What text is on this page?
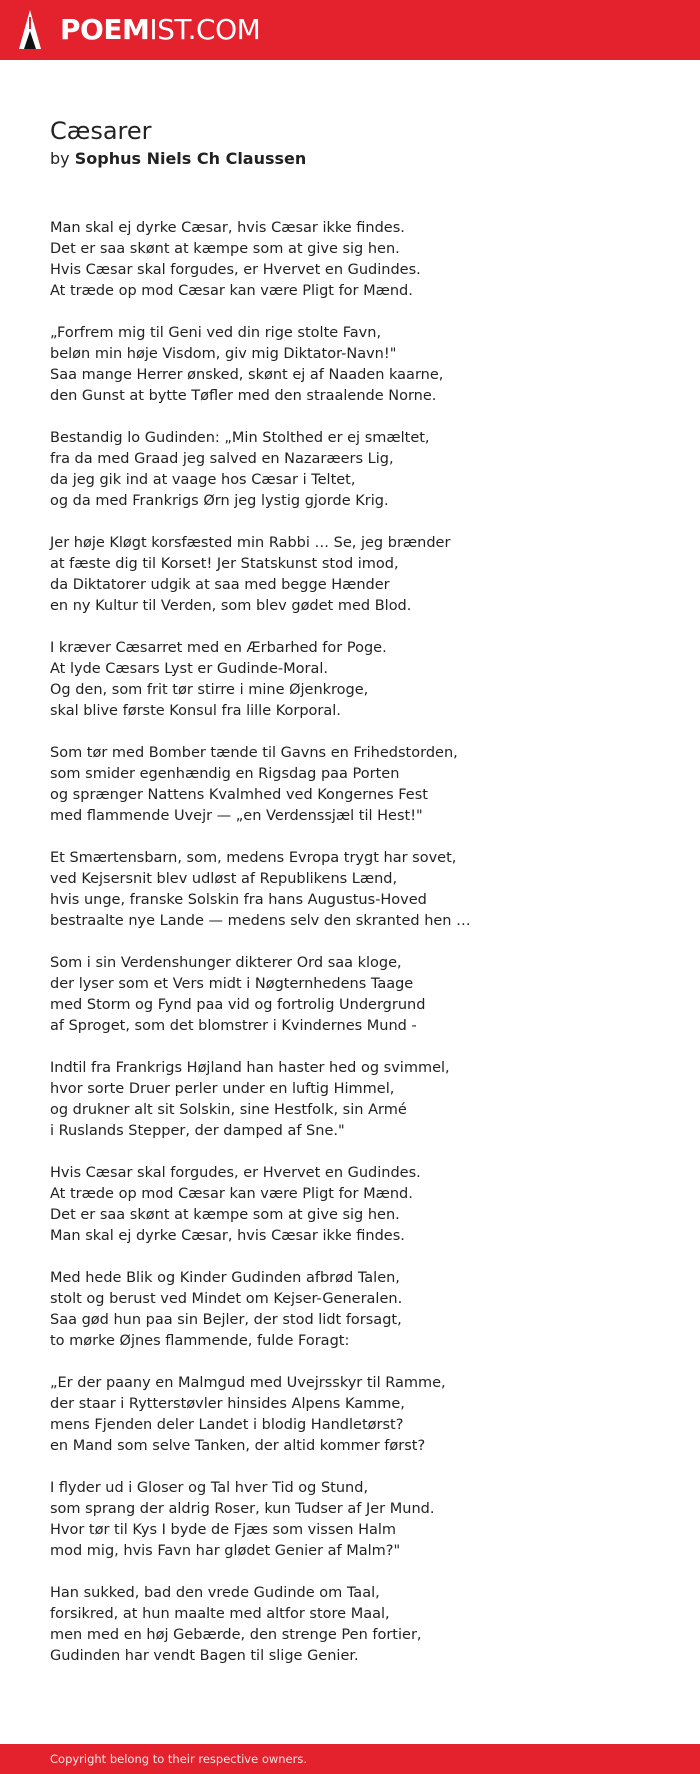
POEMIST.COM
Cæsarer
by Sophus Niels Ch Claussen
Man skal ej dyrke Cæsar, hvis Cæsar ikke findes.
Det er saa skønt at kæmpe som at give sig hen.
Hvis Cæsar skal forgudes, er Hvervet en Gudindes.
At træde op mod Cæsar kan være Pligt for Mænd.
„Forfrem mig til Geni ved din rige stolte Favn,
beløn min høje Visdom, giv mig Diktator-Navn!"
Saa mange Herrer ønsked, skønt ej af Naaden kaarne,
den Gunst at bytte Tøfler med den straalende Norne.
Bestandig lo Gudinden: „Min Stolthed er ej smæltet,
fra da med Graad jeg salved en Nazaræers Lig,
da jeg gik ind at vaage hos Cæsar i Teltet,
og da med Frankrigs Ørn jeg lystig gjorde Krig.
Jer høje Kløgt korsfæsted min Rabbi … Se, jeg brænder
at fæste dig til Korset! Jer Statskunst stod imod,
da Diktatorer udgik at saa med begge Hænder
en ny Kultur til Verden, som blev gødet med Blod.
I kræver Cæsarret med en Ærbarhed for Poge.
At lyde Cæsars Lyst er Gudinde-Moral.
Og den, som frit tør stirre i mine Øjenkroge,
skal blive første Konsul fra lille Korporal.
Som tør med Bomber tænde til Gavns en Frihedstorden,
som smider egenhændig en Rigsdag paa Porten
og sprænger Nattens Kvalmhed ved Kongernes Fest
med flammende Uvejr — „en Verdenssjæl til Hest!"
Et Smærtensbarn, som, medens Evropa trygt har sovet,
ved Kejsersnit blev udløst af Republikens Lænd,
hvis unge, franske Solskin fra hans Augustus-Hoved
bestraalte nye Lande — medens selv den skranted hen …
Som i sin Verdenshunger dikterer Ord saa kloge,
der lyser som et Vers midt i Nøgternhedens Taage
med Storm og Fynd paa vid og fortrolig Undergrund
af Sproget, som det blomstrer i Kvindernes Mund -
Indtil fra Frankrigs Højland han haster hed og svimmel,
hvor sorte Druer perler under en luftig Himmel,
og drukner alt sit Solskin, sine Hestfolk, sin Armé
i Ruslands Stepper, der damped af Sne."
Hvis Cæsar skal forgudes, er Hvervet en Gudindes.
At træde op mod Cæsar kan være Pligt for Mænd.
Det er saa skønt at kæmpe som at give sig hen.
Man skal ej dyrke Cæsar, hvis Cæsar ikke findes.
Med hede Blik og Kinder Gudinden afbrød Talen,
stolt og berust ved Mindet om Kejser-Generalen.
Saa gød hun paa sin Bejler, der stod lidt forsagt,
to mørke Øjnes flammende, fulde Foragt:
„Er der paany en Malmgud med Uvejrsskyr til Ramme,
der staar i Rytterstøvler hinsides Alpens Kamme,
mens Fjenden deler Landet i blodig Handletørst?
en Mand som selve Tanken, der altid kommer først?
I flyder ud i Gloser og Tal hver Tid og Stund,
som sprang der aldrig Roser, kun Tudser af Jer Mund.
Hvor tør til Kys I byde de Fjæs som vissen Halm
mod mig, hvis Favn har glødet Genier af Malm?"
Han sukked, bad den vrede Gudinde om Taal,
forsikred, at hun maalte med altfor store Maal,
men med en høj Gebærde, den strenge Pen fortier,
Gudinden har vendt Bagen til slige Genier.
Copyright belong to their respective owners.
